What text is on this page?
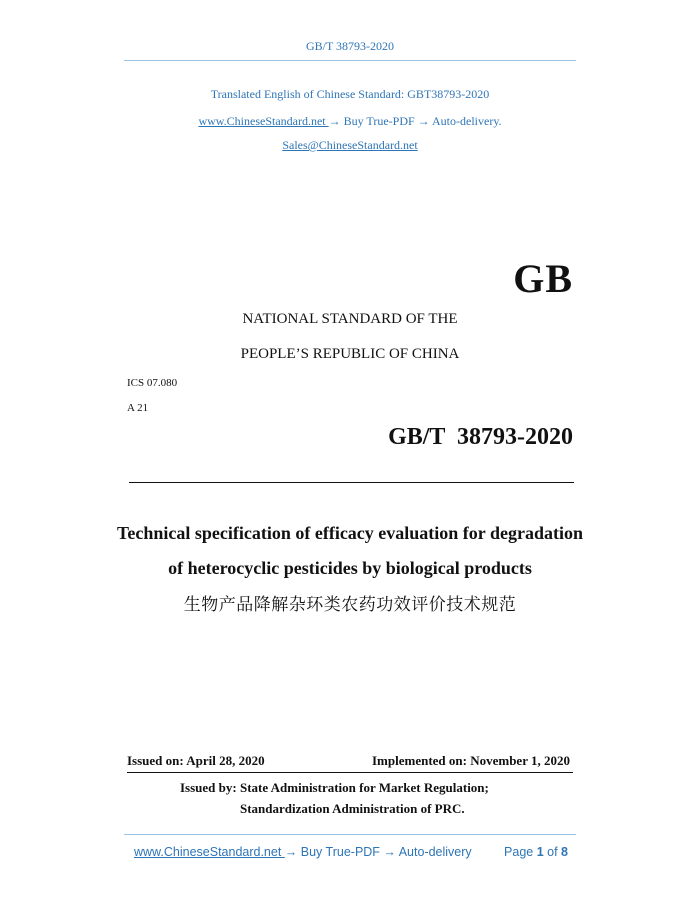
GB/T 38793-2020
Translated English of Chinese Standard: GBT38793-2020
www.ChineseStandard.net → Buy True-PDF → Auto-delivery.
Sales@ChineseStandard.net
GB
NATIONAL STANDARD OF THE
PEOPLE’S REPUBLIC OF CHINA
ICS 07.080
A 21
GB/T 38793-2020
Technical specification of efficacy evaluation for degradation
of heterocyclic pesticides by biological products
生物产品降解杂环类农药功效评价技术规范
Issued on: April 28, 2020	Implemented on: November 1, 2020
Issued by: State Administration for Market Regulation;
Standardization Administration of PRC.
www.ChineseStandard.net → Buy True-PDF → Auto-delivery	Page 1 of 8
